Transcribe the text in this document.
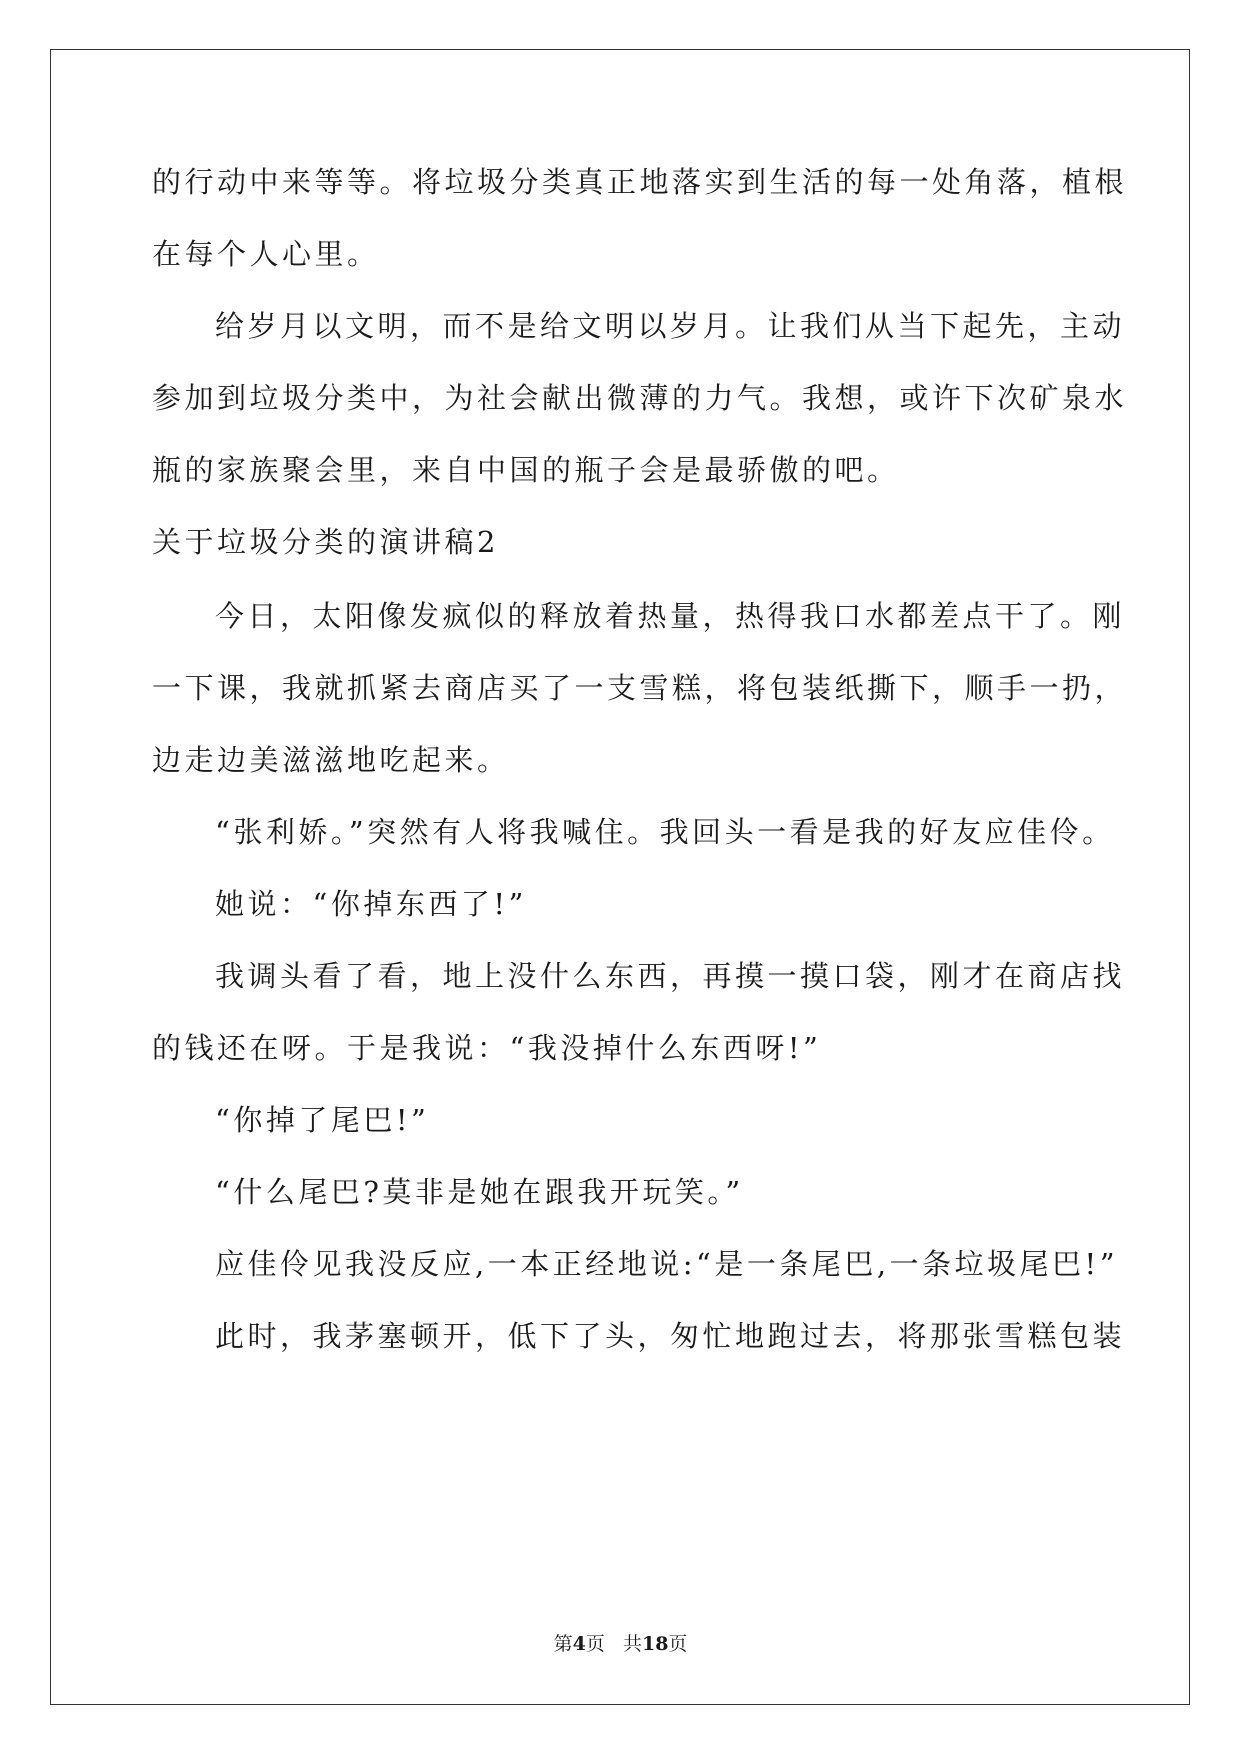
的行动中来等等。将垃圾分类真正地落实到生活的每一处角落，植根
在每个人心里。
给岁月以文明，而不是给文明以岁月。让我们从当下起先，主动
参加到垃圾分类中，为社会献出微薄的力气。我想，或许下次矿泉水
瓶的家族聚会里，来自中国的瓶子会是最骄傲的吧。
关于垃圾分类的演讲稿2
今日，太阳像发疯似的释放着热量，热得我口水都差点干了。刚
一下课，我就抓紧去商店买了一支雪糕，将包装纸撕下，顺手一扔，
边走边美滋滋地吃起来。
“张利娇。”突然有人将我喊住。我回头一看是我的好友应佳伶。
她说：“你掉东西了!”
我调头看了看，地上没什么东西，再摸一摸口袋，刚才在商店找
的钱还在呀。于是我说：“我没掉什么东西呀!”
“你掉了尾巴!”
“什么尾巴?莫非是她在跟我开玩笑。”
应佳伶见我没反应,一本正经地说:“是一条尾巴,一条垃圾尾巴!”
此时，我茅塞顿开，低下了头，匆忙地跑过去，将那张雪糕包装
第4页 共18页
